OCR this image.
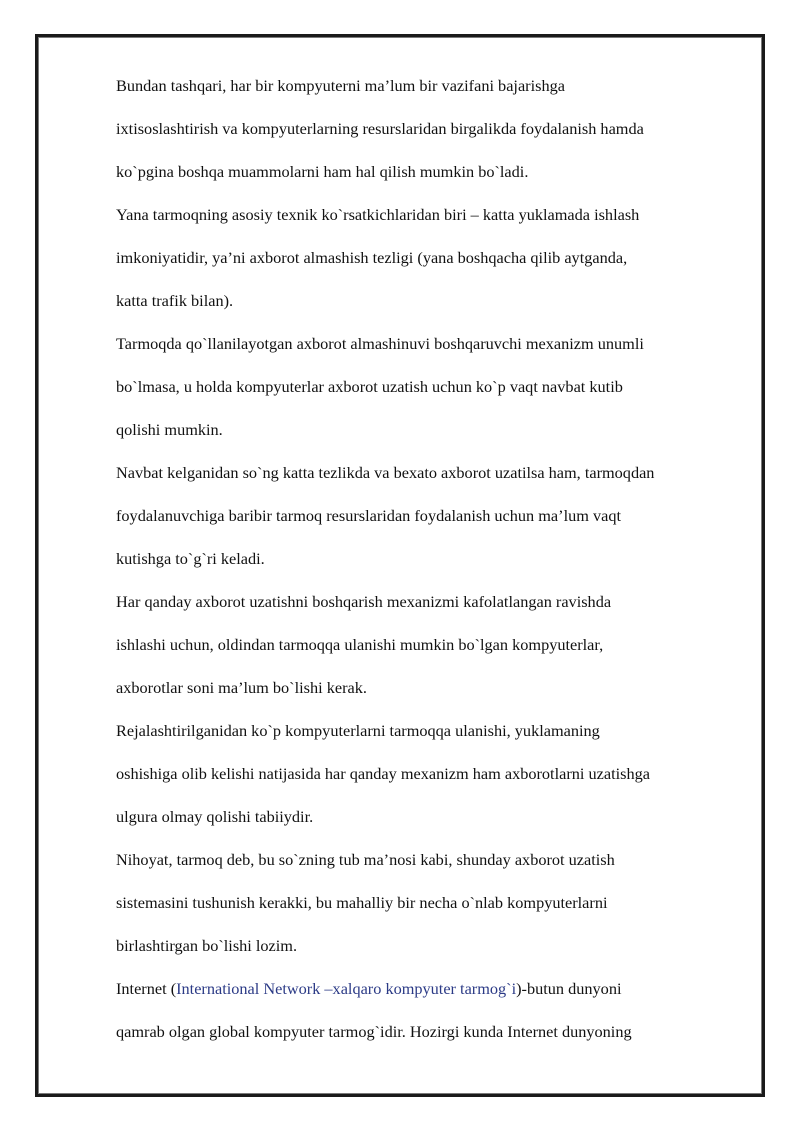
Bundan tashqari, har bir kompyuterni ma’lum bir vazifani bajarishga
ixtisoslashtirish va kompyuterlarning resurslaridan birgalikda foydalanish hamda
ko`pgina boshqa muammolarni ham hal qilish mumkin bo`ladi.
Yana tarmoqning asosiy texnik ko`rsatkichlaridan biri – katta yuklamada ishlash
imkoniyatidir, ya’ni axborot almashish tezligi (yana boshqacha qilib aytganda,
katta trafik bilan).
Tarmoqda qo`llanilayotgan axborot almashinuvi boshqaruvchi mexanizm unumli
bo`lmasa, u holda kompyuterlar axborot uzatish uchun ko`p vaqt navbat kutib
qolishi mumkin.
Navbat kelganidan so`ng katta tezlikda va bexato axborot uzatilsa ham, tarmoqdan
foydalanuvchiga baribir tarmoq resurslaridan foydalanish uchun ma’lum vaqt
kutishga to`g`ri keladi.
Har qanday axborot uzatishni boshqarish mexanizmi kafolatlangan ravishda
ishlashi uchun, oldindan tarmoqqa ulanishi mumkin bo`lgan kompyuterlar,
axborotlar soni ma’lum bo`lishi kerak.
Rejalashtirilganidan ko`p kompyuterlarni tarmoqqa ulanishi, yuklamaning
oshishiga olib kelishi natijasida har qanday mexanizm ham axborotlarni uzatishga
ulgura olmay qolishi tabiiydir.
Nihoyat, tarmoq deb, bu so`zning tub ma’nosi kabi, shunday axborot uzatish
sistemasini tushunish kerakki, bu mahalliy bir necha o`nlab kompyuterlarni
birlashtirgan bo`lishi lozim.
Internet (International Network –xalqaro kompyuter tarmog`i)-butun dunyoni
qamrab olgan global kompyuter tarmog`idir. Hozirgi kunda Internet dunyoning
